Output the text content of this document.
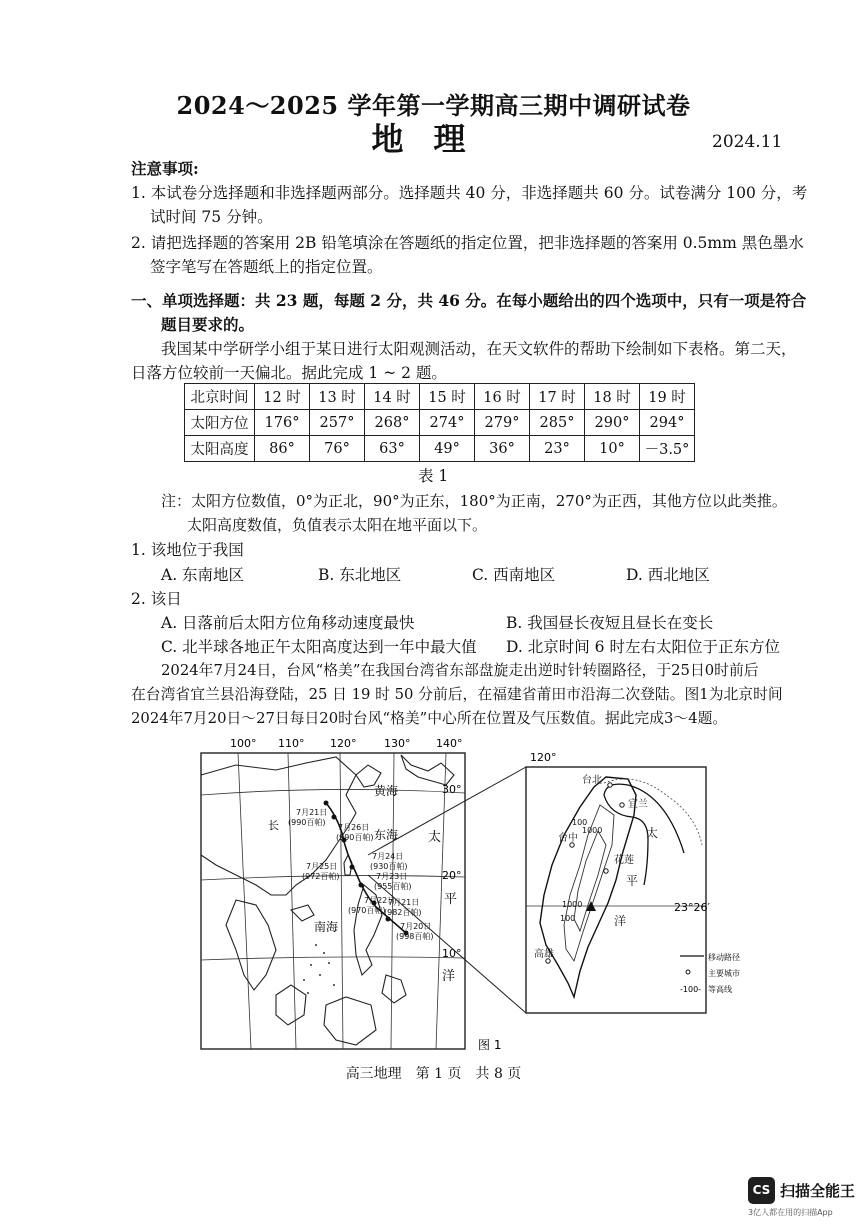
2024～2025 学年第一学期高三期中调研试卷
地理	2024.11
注意事项:
1. 本试卷分选择题和非选择题两部分。选择题共 40 分，非选择题共 60 分。试卷满分 100 分，考
试时间 75 分钟。
2. 请把选择题的答案用 2B 铅笔填涂在答题纸的指定位置，把非选择题的答案用 0.5mm 黑色墨水
签字笔写在答题纸上的指定位置。
一、单项选择题：共 23 题，每题 2 分，共 46 分。在每小题给出的四个选项中，只有一项是符合
题目要求的。
我国某中学研学小组于某日进行太阳观测活动，在天文软件的帮助下绘制如下表格。第二天，
日落方位较前一天偏北。据此完成 1 ~ 2 题。
北京时间	12 时	13 时	14 时	15 时	16 时	17 时	18 时	19 时
太阳方位	176°	257°	268°	274°	279°	285°	290°	294°
太阳高度	86°	76°	63°	49°	36°	23°	10°	－3.5°
表 1
注：太阳方位数值，0°为正北，90°为正东，180°为正南，270°为正西，其他方位以此类推。
太阳高度数值，负值表示太阳在地平面以下。
1. 该地位于我国
A. 东南地区	B. 东北地区	C. 西南地区	D. 西北地区
2. 该日
A. 日落前后太阳方位角移动速度最快	B. 我国昼长夜短且昼长在变长
C. 北半球各地正午太阳高度达到一年中最大值 D. 北京时间 6 时左右太阳位于正东方位
2024年7月24日，台风“格美”在我国台湾省东部盘旋走出逆时针转圈路径，于25日0时前后
在台湾省宜兰县沿海登陆，25 日 19 时 50 分前后，在福建省莆田市沿海二次登陆。图1为北京时间
2024年7月20日～27日每日20时台风“格美”中心所在位置及气压数值。据此完成3～4题。
100° 110° 120°	130° 140°
30°
20°
10°
黄海
东海
南海
太
平
洋
长
7月21日
(990百帕)
7月26日
(990百帕)
7月25日
(972百帕)
7月24日
(930百帕)
7月23日
(955百帕)
7月22日
(970百帕)
7月21日
(982百帕)
7月20日
(998百帕)
图 1
120°
23°26′
台北
宜兰
台中
花莲
高雄
100
1000
1000
100
太
平
洋
移动路径
主要城市
-100- 等高线
高三地理　第 1 页　共 8 页
CS 扫描全能王
3亿人都在用的扫描App
